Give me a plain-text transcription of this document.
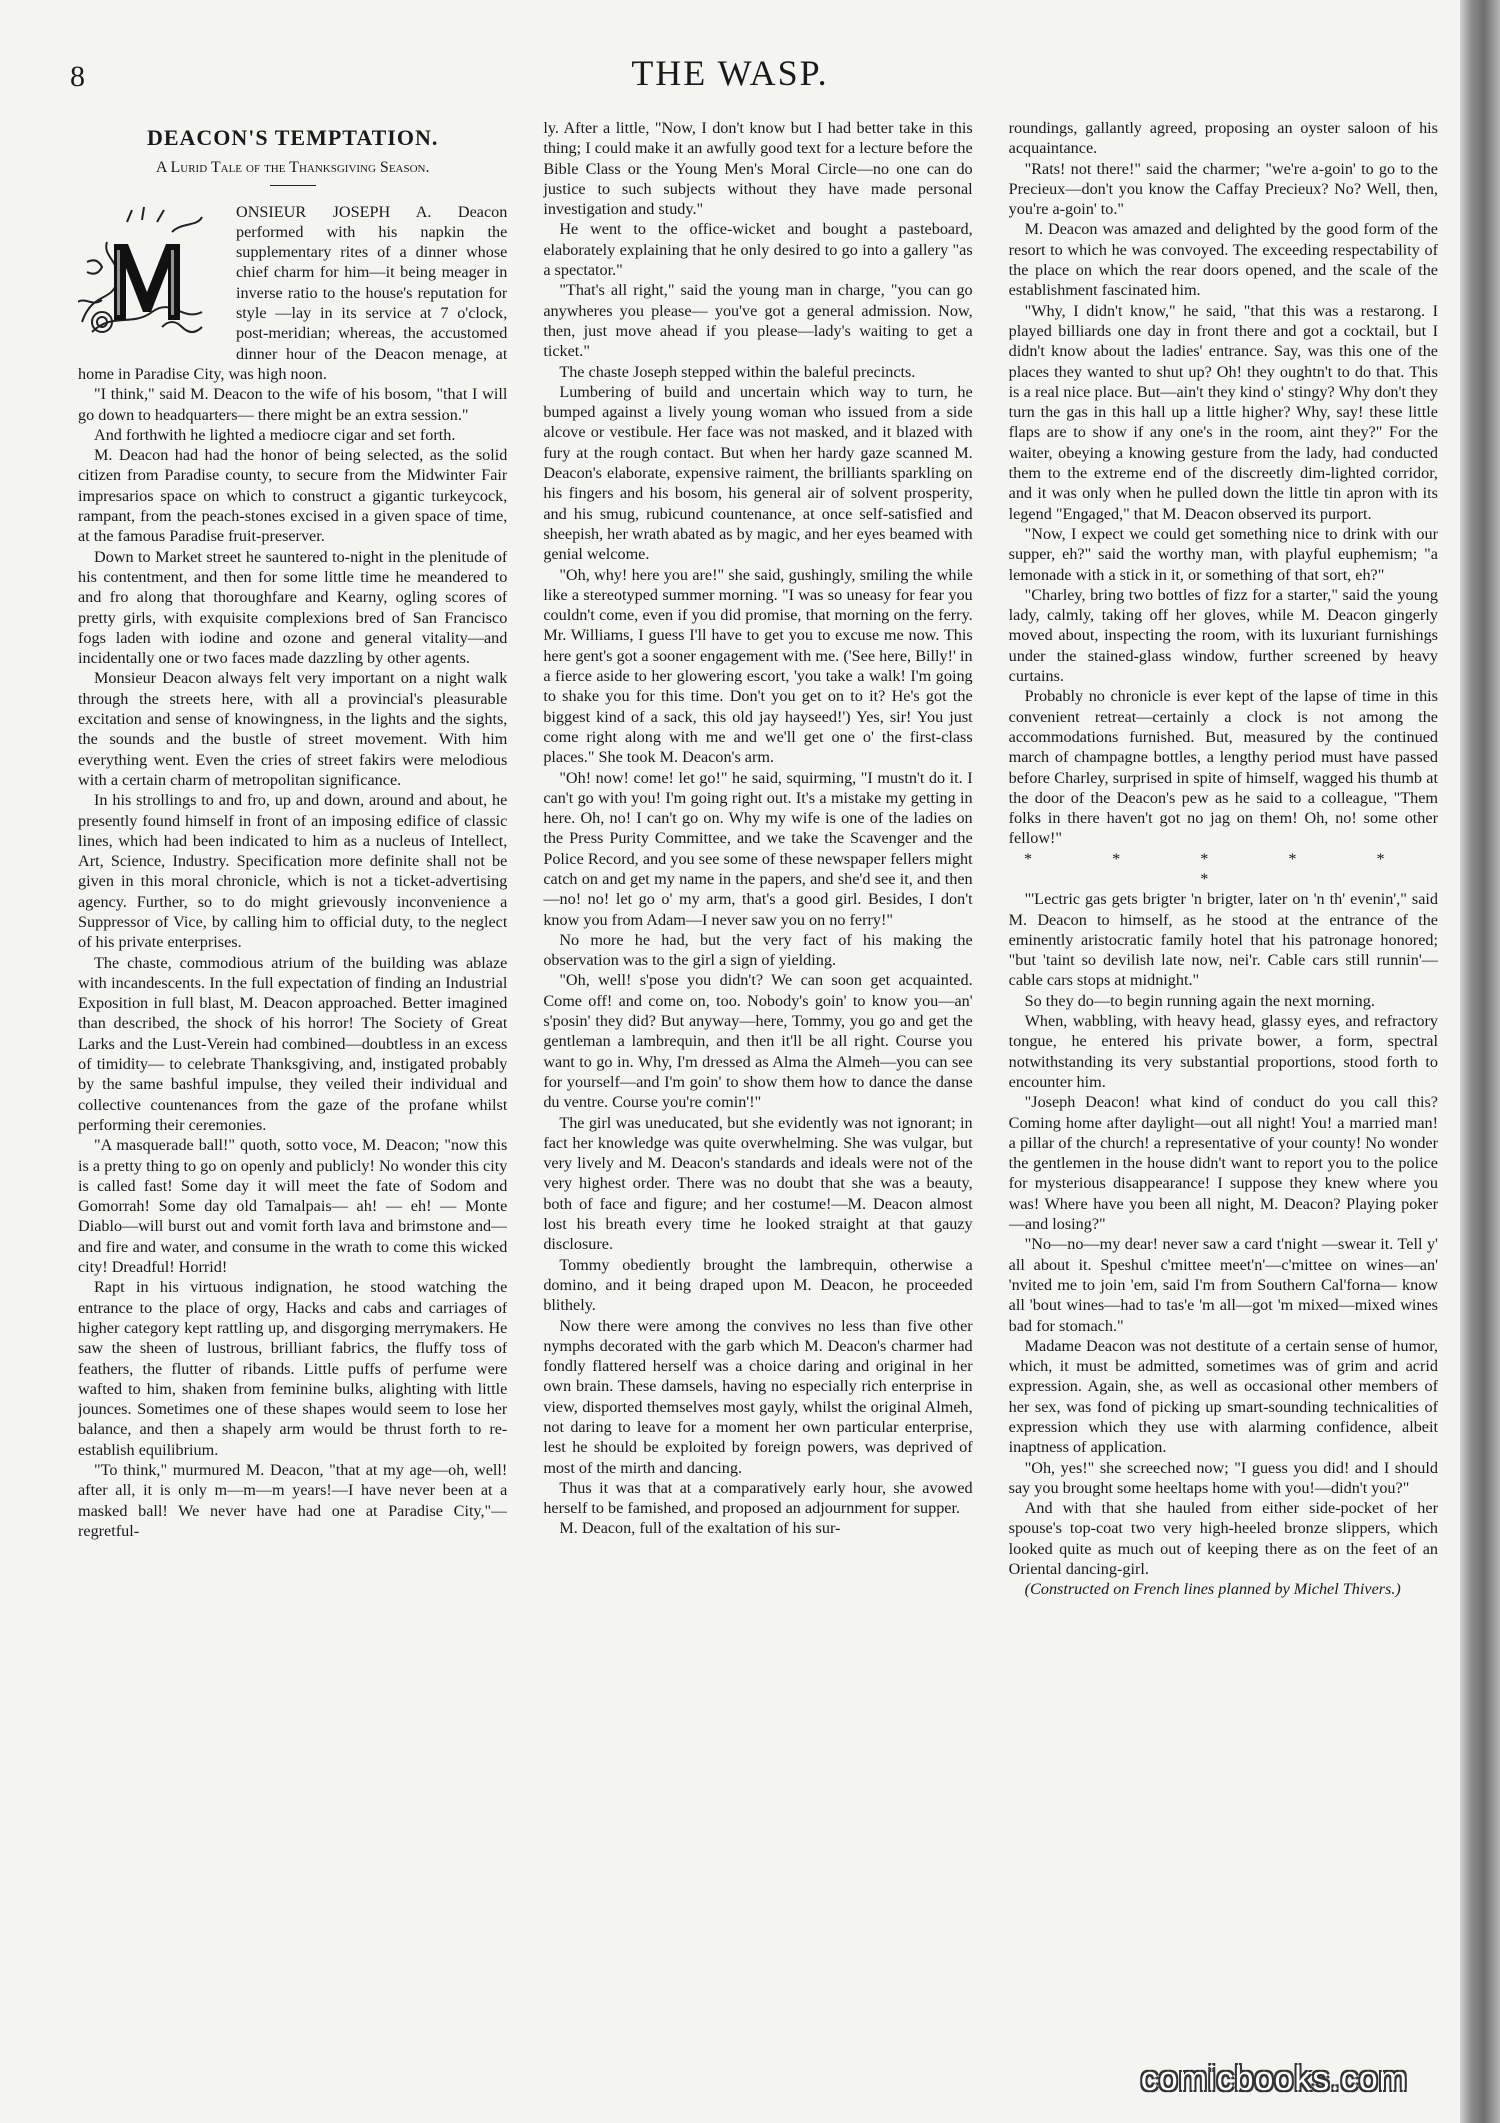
8	THE WASP.
DEACON'S TEMPTATION.
A Lurid Tale of the Thanksgiving Season.

ONSIEUR JOSEPH A. Deacon performed with his napkin the supplementary rites of a dinner whose chief charm for him—it being meager in inverse ratio to the house's reputation for style —lay in its service at 7 o'clock, post-meridian; whereas, the accustomed dinner hour of the Deacon menage, at home in Paradise City, was high noon.

"I think," said M. Deacon to the wife of his bosom, "that I will go down to headquarters— there might be an extra session."

And forthwith he lighted a mediocre cigar and set forth.

M. Deacon had had the honor of being selected, as the solid citizen from Paradise county, to secure from the Midwinter Fair impresarios space on which to construct a gigantic turkeycock, rampant, from the peach-stones excised in a given space of time, at the famous Paradise fruit-preserver.

Down to Market street he sauntered to-night in the plenitude of his contentment, and then for some little time he meandered to and fro along that thoroughfare and Kearny, ogling scores of pretty girls, with exquisite complexions bred of San Francisco fogs laden with iodine and ozone and general vitality—and incidentally one or two faces made dazzling by other agents.

Monsieur Deacon always felt very important on a night walk through the streets here, with all a provincial's pleasurable excitation and sense of knowingness, in the lights and the sights, the sounds and the bustle of street movement. With him everything went. Even the cries of street fakirs were melodious with a certain charm of metropolitan significance.

In his strollings to and fro, up and down, around and about, he presently found himself in front of an imposing edifice of classic lines, which had been indicated to him as a nucleus of Intellect, Art, Science, Industry. Specification more definite shall not be given in this moral chronicle, which is not a ticket-advertising agency. Further, so to do might grievously inconvenience a Suppressor of Vice, by calling him to official duty, to the neglect of his private enterprises.

The chaste, commodious atrium of the building was ablaze with incandescents. In the full expectation of finding an Industrial Exposition in full blast, M. Deacon approached. Better imagined than described, the shock of his horror! The Society of Great Larks and the Lust-Verein had combined—doubtless in an excess of timidity— to celebrate Thanksgiving, and, instigated probably by the same bashful impulse, they veiled their individual and collective countenances from the gaze of the profane whilst performing their ceremonies.

"A masquerade ball!" quoth, sotto voce, M. Deacon; "now this is a pretty thing to go on openly and publicly! No wonder this city is called fast! Some day it will meet the fate of Sodom and Gomorrah! Some day old Tamalpais— ah! — eh! — Monte Diablo—will burst out and vomit forth lava and brimstone and—and fire and water, and consume in the wrath to come this wicked city! Dreadful! Horrid!

Rapt in his virtuous indignation, he stood watching the entrance to the place of orgy, Hacks and cabs and carriages of higher category kept rattling up, and disgorging merrymakers. He saw the sheen of lustrous, brilliant fabrics, the fluffy toss of feathers, the flutter of ribands. Little puffs of perfume were wafted to him, shaken from feminine bulks, alighting with little jounces. Sometimes one of these shapes would seem to lose her balance, and then a shapely arm would be thrust forth to re-establish equilibrium.

"To think," murmured M. Deacon, "that at my age—oh, well! after all, it is only m—m—m years!—I have never been at a masked ball! We never have had one at Paradise City,"—regretful-

ly. After a little, "Now, I don't know but I had better take in this thing; I could make it an awfully good text for a lecture before the Bible Class or the Young Men's Moral Circle—no one can do justice to such subjects without they have made personal investigation and study."

He went to the office-wicket and bought a pasteboard, elaborately explaining that he only desired to go into a gallery "as a spectator."

"That's all right," said the young man in charge, "you can go anywheres you please— you've got a general admission. Now, then, just move ahead if you please—lady's waiting to get a ticket."

The chaste Joseph stepped within the baleful precincts.

Lumbering of build and uncertain which way to turn, he bumped against a lively young woman who issued from a side alcove or vestibule. Her face was not masked, and it blazed with fury at the rough contact. But when her hardy gaze scanned M. Deacon's elaborate, expensive raiment, the brilliants sparkling on his fingers and his bosom, his general air of solvent prosperity, and his smug, rubicund countenance, at once self-satisfied and sheepish, her wrath abated as by magic, and her eyes beamed with genial welcome.

"Oh, why! here you are!" she said, gushingly, smiling the while like a stereotyped summer morning. "I was so uneasy for fear you couldn't come, even if you did promise, that morning on the ferry. Mr. Williams, I guess I'll have to get you to excuse me now. This here gent's got a sooner engagement with me. ('See here, Billy!' in a fierce aside to her glowering escort, 'you take a walk! I'm going to shake you for this time. Don't you get on to it? He's got the biggest kind of a sack, this old jay hayseed!') Yes, sir! You just come right along with me and we'll get one o' the first-class places." She took M. Deacon's arm.

"Oh! now! come! let go!" he said, squirming, "I mustn't do it. I can't go with you! I'm going right out. It's a mistake my getting in here. Oh, no! I can't go on. Why my wife is one of the ladies on the Press Purity Committee, and we take the Scavenger and the Police Record, and you see some of these newspaper fellers might catch on and get my name in the papers, and she'd see it, and then—no! no! let go o' my arm, that's a good girl. Besides, I don't know you from Adam—I never saw you on no ferry!"

No more he had, but the very fact of his making the observation was to the girl a sign of yielding.

"Oh, well! s'pose you didn't? We can soon get acquainted. Come off! and come on, too. Nobody's goin' to know you—an' s'posin' they did? But anyway—here, Tommy, you go and get the gentleman a lambrequin, and then it'll be all right. Course you want to go in. Why, I'm dressed as Alma the Almeh—you can see for yourself—and I'm goin' to show them how to dance the danse du ventre. Course you're comin'!"

The girl was uneducated, but she evidently was not ignorant; in fact her knowledge was quite overwhelming. She was vulgar, but very lively and M. Deacon's standards and ideals were not of the very highest order. There was no doubt that she was a beauty, both of face and figure; and her costume!—M. Deacon almost lost his breath every time he looked straight at that gauzy disclosure.

Tommy obediently brought the lambrequin, otherwise a domino, and it being draped upon M. Deacon, he proceeded blithely.

Now there were among the convives no less than five other nymphs decorated with the garb which M. Deacon's charmer had fondly flattered herself was a choice daring and original in her own brain. These damsels, having no especially rich enterprise in view, disported themselves most gayly, whilst the original Almeh, not daring to leave for a moment her own particular enterprise, lest he should be exploited by foreign powers, was deprived of most of the mirth and dancing.

Thus it was that at a comparatively early hour, she avowed herself to be famished, and proposed an adjournment for supper.

M. Deacon, full of the exaltation of his sur-

roundings, gallantly agreed, proposing an oyster saloon of his acquaintance.

"Rats! not there!" said the charmer; "we're a-goin' to go to the Precieux—don't you know the Caffay Precieux? No? Well, then, you're a-goin' to."

M. Deacon was amazed and delighted by the good form of the resort to which he was convoyed. The exceeding respectability of the place on which the rear doors opened, and the scale of the establishment fascinated him.

"Why, I didn't know," he said, "that this was a restarong. I played billiards one day in front there and got a cocktail, but I didn't know about the ladies' entrance. Say, was this one of the places they wanted to shut up? Oh! they oughtn't to do that. This is a real nice place. But—ain't they kind o' stingy? Why don't they turn the gas in this hall up a little higher? Why, say! these little flaps are to show if any one's in the room, aint they?" For the waiter, obeying a knowing gesture from the lady, had conducted them to the extreme end of the discreetly dim-lighted corridor, and it was only when he pulled down the little tin apron with its legend "Engaged," that M. Deacon observed its purport.

"Now, I expect we could get something nice to drink with our supper, eh?" said the worthy man, with playful euphemism; "a lemonade with a stick in it, or something of that sort, eh?"

"Charley, bring two bottles of fizz for a starter," said the young lady, calmly, taking off her gloves, while M. Deacon gingerly moved about, inspecting the room, with its luxuriant furnishings under the stained-glass window, further screened by heavy curtains.

Probably no chronicle is ever kept of the lapse of time in this convenient retreat—certainly a clock is not among the accommodations furnished. But, measured by the continued march of champagne bottles, a lengthy period must have passed before Charley, surprised in spite of himself, wagged his thumb at the door of the Deacon's pew as he said to a colleague, "Them folks in there haven't got no jag on them! Oh, no! some other fellow!"

* * * * * *

"'Lectric gas gets brigter 'n brigter, later on 'n th' evenin'," said M. Deacon to himself, as he stood at the entrance of the eminently aristocratic family hotel that his patronage honored; "but 'taint so devilish late now, nei'r. Cable cars still runnin'—cable cars stops at midnight."

So they do—to begin running again the next morning.

When, wabbling, with heavy head, glassy eyes, and refractory tongue, he entered his private bower, a form, spectral notwithstanding its very substantial proportions, stood forth to encounter him.

"Joseph Deacon! what kind of conduct do you call this? Coming home after daylight—out all night! You! a married man! a pillar of the church! a representative of your county! No wonder the gentlemen in the house didn't want to report you to the police for mysterious disappearance! I suppose they knew where you was! Where have you been all night, M. Deacon? Playing poker—and losing?"

"No—no—my dear! never saw a card t'night —swear it. Tell y' all about it. Speshul c'mittee meet'n'—c'mittee on wines—an' 'nvited me to join 'em, said I'm from Southern Cal'forna— know all 'bout wines—had to tas'e 'm all—got 'm mixed—mixed wines bad for stomach."

Madame Deacon was not destitute of a certain sense of humor, which, it must be admitted, sometimes was of grim and acrid expression. Again, she, as well as occasional other members of her sex, was fond of picking up smart-sounding technicalities of expression which they use with alarming confidence, albeit inaptness of application.

"Oh, yes!" she screeched now; "I guess you did! and I should say you brought some heeltaps home with you!—didn't you?"

And with that she hauled from either side-pocket of her spouse's top-coat two very high-heeled bronze slippers, which looked quite as much out of keeping there as on the feet of an Oriental dancing-girl.

(Constructed on French lines planned by Michel Thivers.)

comicbooks.com
